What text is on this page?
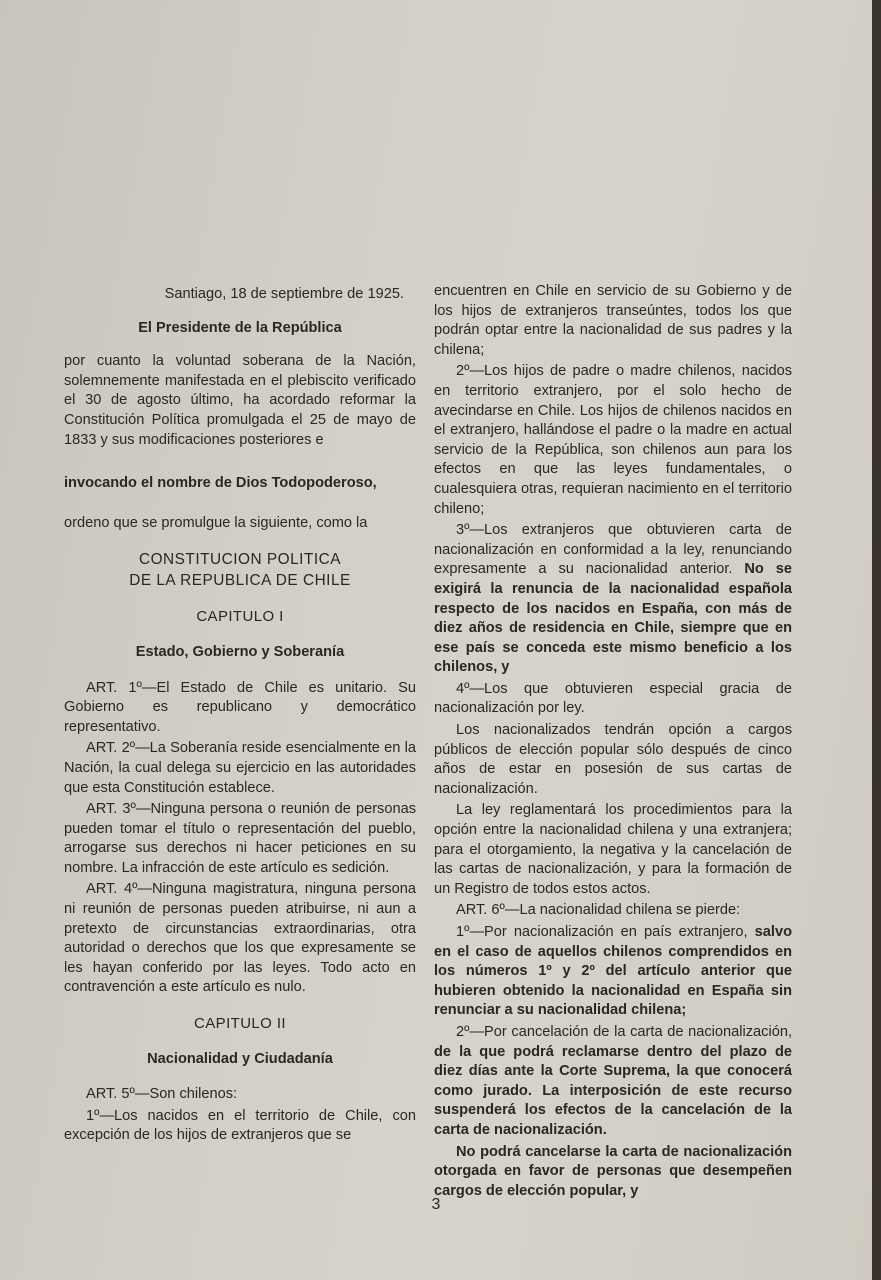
Santiago, 18 de septiembre de 1925.

El Presidente de la República

por cuanto la voluntad soberana de la Nación, solemnemente manifestada en el plebiscito verificado el 30 de agosto último, ha acordado reformar la Constitución Política promulgada el 25 de mayo de 1833 y sus modificaciones posteriores e

invocando el nombre de Dios Todopoderoso,

ordeno que se promulgue la siguiente, como la

CONSTITUCION POLITICA

DE LA REPUBLICA DE CHILE

CAPITULO I

Estado, Gobierno y Soberanía

ART. 1º—El Estado de Chile es unitario. Su Gobierno es republicano y democrático representativo.

ART. 2º—La Soberanía reside esencialmente en la Nación, la cual delega su ejercicio en las autoridades que esta Constitución establece.

ART. 3º—Ninguna persona o reunión de personas pueden tomar el título o representación del pueblo, arrogarse sus derechos ni hacer peticiones en su nombre. La infracción de este artículo es sedición.

ART. 4º—Ninguna magistratura, ninguna persona ni reunión de personas pueden atribuirse, ni aun a pretexto de circunstancias extraordinarias, otra autoridad o derechos que los que expresamente se les hayan conferido por las leyes. Todo acto en contravención a este artículo es nulo.

CAPITULO II

Nacionalidad y Ciudadanía

ART. 5º—Son chilenos:

1º—Los nacidos en el territorio de Chile, con excepción de los hijos de extranjeros que se

encuentren en Chile en servicio de su Gobierno y de los hijos de extranjeros transeúntes, todos los que podrán optar entre la nacionalidad de sus padres y la chilena;

2º—Los hijos de padre o madre chilenos, nacidos en territorio extranjero, por el solo hecho de avecindarse en Chile. Los hijos de chilenos nacidos en el extranjero, hallándose el padre o la madre en actual servicio de la República, son chilenos aun para los efectos en que las leyes fundamentales, o cualesquiera otras, requieran nacimiento en el territorio chileno;

3º—Los extranjeros que obtuvieren carta de nacionalización en conformidad a la ley, renunciando expresamente a su nacionalidad anterior. No se exigirá la renuncia de la nacionalidad española respecto de los nacidos en España, con más de diez años de residencia en Chile, siempre que en ese país se conceda este mismo beneficio a los chilenos, y

4º—Los que obtuvieren especial gracia de nacionalización por ley.

Los nacionalizados tendrán opción a cargos públicos de elección popular sólo después de cinco años de estar en posesión de sus cartas de nacionalización.

La ley reglamentará los procedimientos para la opción entre la nacionalidad chilena y una extranjera; para el otorgamiento, la negativa y la cancelación de las cartas de nacionalización, y para la formación de un Registro de todos estos actos.

ART. 6º—La nacionalidad chilena se pierde:

1º—Por nacionalización en país extranjero, salvo en el caso de aquellos chilenos comprendidos en los números 1º y 2º del artículo anterior que hubieren obtenido la nacionalidad en España sin renunciar a su nacionalidad chilena;

2º—Por cancelación de la carta de nacionalización, de la que podrá reclamarse dentro del plazo de diez días ante la Corte Suprema, la que conocerá como jurado. La interposición de este recurso suspenderá los efectos de la cancelación de la carta de nacionalización.

No podrá cancelarse la carta de nacionalización otorgada en favor de personas que desempeñen cargos de elección popular, y

3
